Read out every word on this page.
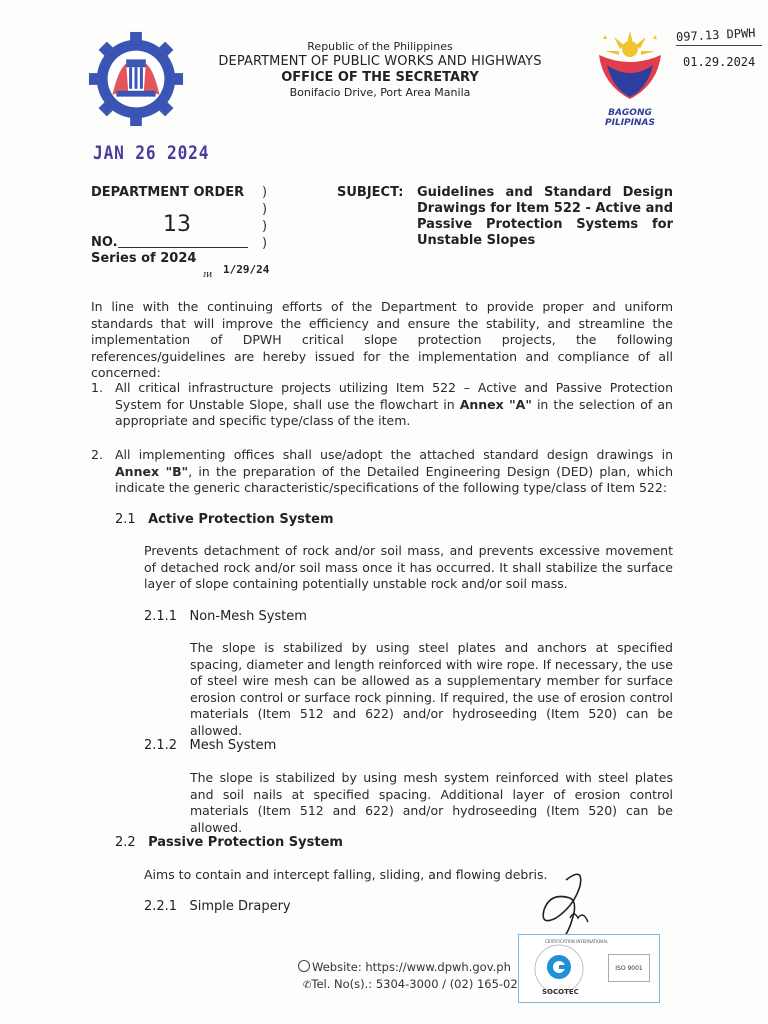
Republic of the Philippines
DEPARTMENT OF PUBLIC WORKS AND HIGHWAYS
OFFICE OF THE SECRETARY
Bonifacio Drive, Port Area Manila
BAGONG PILIPINAS
097.13 DPWH
01.29.2024
JAN 26 2024
DEPARTMENT ORDER
13
NO.
Series of 2024
ᴊᴎ 1/29/24
)
)
)
)
SUBJECT: Guidelines and Standard Design Drawings for Item 522 - Active and Passive Protection Systems for Unstable Slopes
In line with the continuing efforts of the Department to provide proper and uniform standards that will improve the efficiency and ensure the stability, and streamline the implementation of DPWH critical slope protection projects, the following references/guidelines are hereby issued for the implementation and compliance of all concerned:
1. All critical infrastructure projects utilizing Item 522 – Active and Passive Protection System for Unstable Slope, shall use the flowchart in Annex "A" in the selection of an appropriate and specific type/class of the item.
2. All implementing offices shall use/adopt the attached standard design drawings in Annex "B", in the preparation of the Detailed Engineering Design (DED) plan, which indicate the generic characteristic/specifications of the following type/class of Item 522:
2.1 Active Protection System
Prevents detachment of rock and/or soil mass, and prevents excessive movement of detached rock and/or soil mass once it has occurred. It shall stabilize the surface layer of slope containing potentially unstable rock and/or soil mass.
2.1.1 Non-Mesh System
The slope is stabilized by using steel plates and anchors at specified spacing, diameter and length reinforced with wire rope. If necessary, the use of steel wire mesh can be allowed as a supplementary member for surface erosion control or surface rock pinning. If required, the use of erosion control materials (Item 512 and 622) and/or hydroseeding (Item 520) can be allowed.
2.1.2 Mesh System
The slope is stabilized by using mesh system reinforced with steel plates and soil nails at specified spacing. Additional layer of erosion control materials (Item 512 and 622) and/or hydroseeding (Item 520) can be allowed.
2.2 Passive Protection System
Aims to contain and intercept falling, sliding, and flowing debris.
2.2.1 Simple Drapery
Website: https://www.dpwh.gov.ph
✆Tel. No(s).: 5304-3000 / (02) 165-02
CERTIFICATION INTERNATIONAL
SOCOTEC
ISO 9001
